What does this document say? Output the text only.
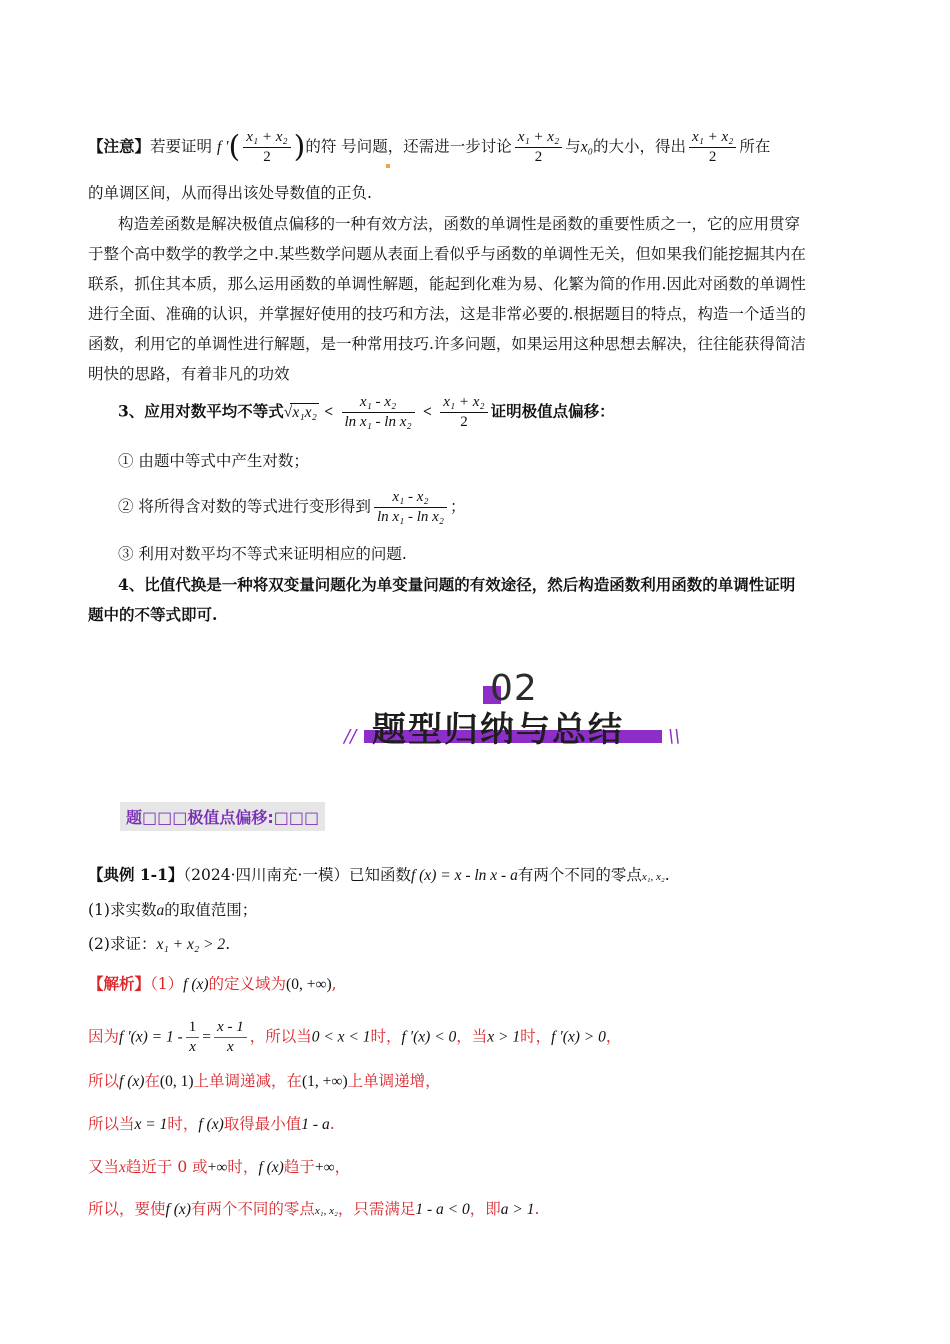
【注意】若要证明 f ′( $\frac{\text{x₁ + x₂}}{2}$ )的符 号问题，还需进一步讨论 $\frac{\text{x₁ + x₂}}{2}$ 与x₀的大小，得出 $\frac{\text{x₁ + x₂}}{2}$ 所在
的单调区间，从而得出该处导数值的正负.
构造差函数是解决极值点偏移的一种有效方法，函数的单调性是函数的重要性质之一，它的应用贯穿
于整个高中数学的教学之中.某些数学问题从表面上看似乎与函数的单调性无关，但如果我们能挖掘其内在
联系，抓住其本质，那么运用函数的单调性解题，能起到化难为易、化繁为简的作用.因此对函数的单调性
进行全面、准确的认识，并掌握好使用的技巧和方法，这是非常必要的.根据题目的特点，构造一个适当的
函数，利用它的单调性进行解题，是一种常用技巧.许多问题，如果运用这种思想去解决，往往能获得简洁
明快的思路，有着非凡的功效
3、应用对数平均不等式$√x_1x_2 < \frac{\text{x₁ - x₂}}{\text{ln x₁ - ln x₂}} < \frac{\text{x₁ + x₂}}{2}$ 证明极值点偏移：
① 由题中等式中产生对数；
② 将所得含对数的等式进行变形得到 $\frac{\text{x₁ - x₂}}{\text{ln x₁ - ln x₂}}$ ；
③ 利用对数平均不等式来证明相应的问题.
4、比值代换是一种将双变量问题化为单变量问题的有效途径，然后构造函数利用函数的单调性证明
题中的不等式即可.
02
题型归纳与总结
//	\\
题□□□极值点偏移:□□□
【典例 1-1】（2024·四川南充·一模）已知函数f (x) = x - ln x - a有两个不同的零点x₁, x₂.
(1)求实数a的取值范围；
(2)求证：x₁ + x₂ > 2.
【解析】（1）f (x)的定义域为(0, +∞),
因为f $'(x) = 1 - \frac{1}{x} = \frac{x - 1}{x}$ ，所以当0 < x < 1时，f ′(x) < 0，当x > 1时，f ′(x) > 0，
所以f (x)在(0, 1)上单调递减，在(1, +∞)上单调递增，
所以当x = 1时，f (x)取得最小值1 - a.
又当x趋近于 0 或+∞时，f (x)趋于+∞，
所以，要使f (x)有两个不同的零点x₁, x₂，只需满足1 - a < 0，即a > 1.
